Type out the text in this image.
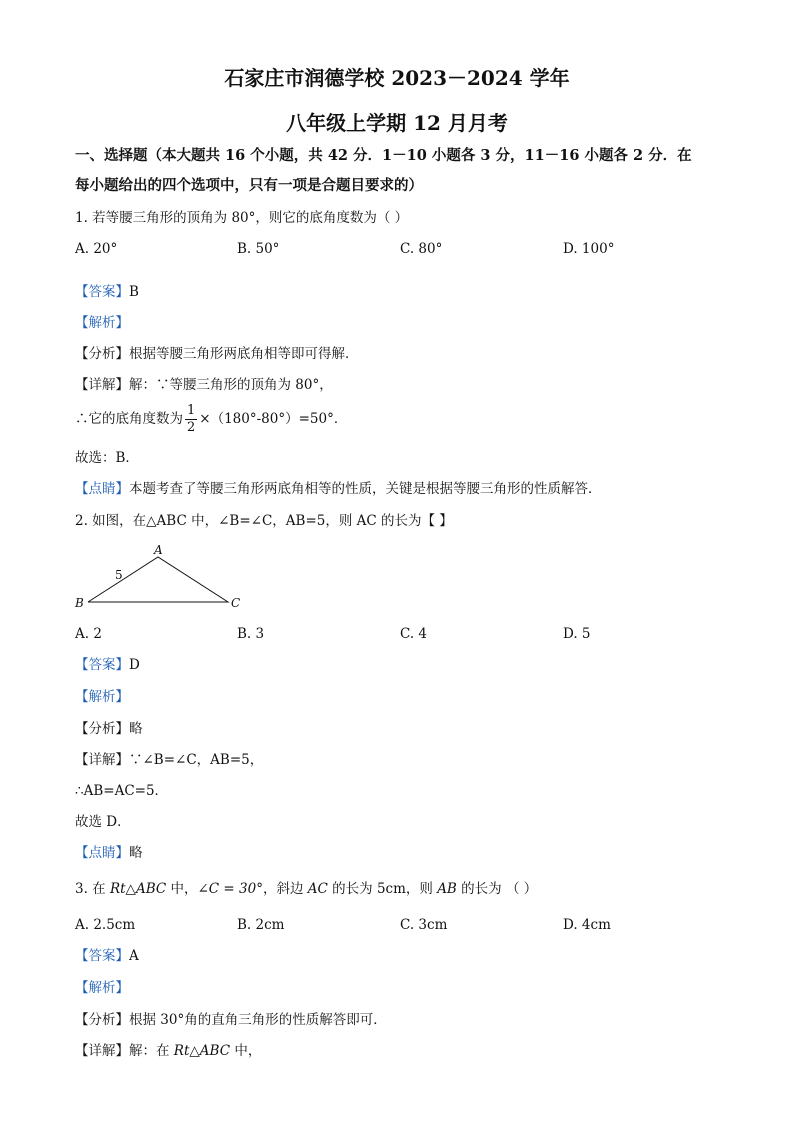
石家庄市润德学校 2023－2024 学年
八年级上学期 12 月月考
一、选择题（本大题共 16 个小题，共 42 分．1－10 小题各 3 分，11－16 小题各 2 分．在
每小题给出的四个选项中，只有一项是合题目要求的）
1. 若等腰三角形的顶角为 80°，则它的底角度数为（ ）
A. 20°	B. 50°	C. 80°	D. 100°
【答案】B
【解析】
【分析】根据等腰三角形两底角相等即可得解．
【详解】解：∵等腰三角形的顶角为 80°，
∴它的底角度数为 $\frac{1}{2} \times(180^\circ-80^\circ)=50^\circ$．
故选：B．
【点睛】本题考查了等腰三角形两底角相等的性质，关键是根据等腰三角形的性质解答．
2. 如图，在△ABC 中，∠B=∠C，AB=5，则 AC 的长为【 】
A
B	C
5
A. 2	B. 3	C. 4	D. 5
【答案】D
【解析】
【分析】略
【详解】∵∠B=∠C，AB=5，
∴AB=AC=5．
故选 D．
【点睛】略
3. 在 Rt△ABC 中，∠C = 30°，斜边 AC 的长为 5cm，则 AB 的长为 （ ）
A. 2.5cm	B. 2cm	C. 3cm	D. 4cm
【答案】A
【解析】
【分析】根据 30°角的直角三角形的性质解答即可．
【详解】解：在 Rt△ABC 中，
